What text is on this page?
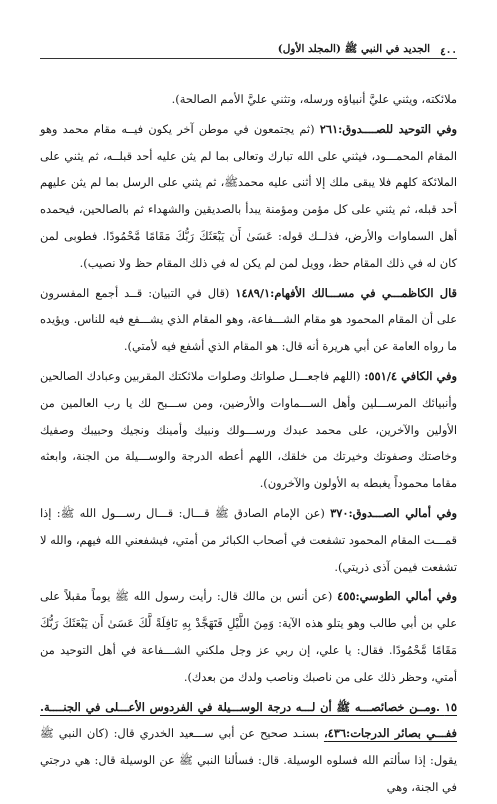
٤٠٠
الجديد في النبي ﷺ (المجلد الأول)

ملائكته، ويثني عليَّ أنبياؤه ورسله، وتثني عليَّ الأمم الصالحة).

وفي التوحيد للصــــدوق:٢٦١ (ثم يجتمعون في موطن آخر يكون فيــه مقام محمد وهو المقام المحمـــود، فيثني على الله تبارك وتعالى بما لم يثن عليه أحد قبلــه، ثم يثني على الملائكة كلهم فلا يبقى ملك إلا أثنى عليه محمدﷺ، ثم يثني على الرسل بما لم يثن عليهم أحد قبله، ثم يثني على كل مؤمن ومؤمنة يبدأ بالصديقين والشهداء ثم بالصالحين، فيحمده أهل السماوات والأرض، فذلــك قوله: عَسَىٰ أَن يَبْعَثَكَ رَبُّكَ مَقَامًا مَّحْمُودًا. فطوبى لمن كان له في ذلك المقام حظ، وويل لمن لم يكن له في ذلك المقام حظ ولا نصيب).

قال الكاظمـــي في مســـالك الأفهام:١٤٨٩/١ (قال في التبيان: قــد أجمع المفسرون على أن المقام المحمود هو مقام الشـــفاعة، وهو المقام الذي يشـــفع فيه للناس. ويؤيده ما رواه العامة عن أبي هريرة أنه قال: هو المقام الذي أشفع فيه لأمتي).

وفي الكافي ٥٥١/٤: (اللهم فاجعـــل صلواتك وصلوات ملائكتك المقربين وعبادك الصالحين وأنبيائك المرســـلين وأهل الســـماوات والأرضين، ومن ســـبح لك يا رب العالمين من الأولين والآخرين، على محمد عبدك ورســـولك ونبيك وأمينك ونجيك وحبيبك وصفيك وخاصتك وصفوتك وخيرتك من خلقك، اللهم أعطه الدرجة والوســـيلة من الجنة، وابعثه مقاما محموداً يغبطه به الأولون والآخرون).

وفي أمالي الصـــدوق:٣٧٠ (عن الإمام الصادق ﷺ قـــال: قـــال رســـول الله ﷺ: إذا قمـــت المقام المحمود تشفعت في أصحاب الكبائر من أمتي، فيشفعني الله فيهم، والله لا تشفعت فيمن آذى ذريتي).

وفي أمالي الطوسي:٤٥٥ (عن أنس بن مالك قال: رأيت رسول الله ﷺ يوماً مقبلاً على علي بن أبي طالب وهو يتلو هذه الآية: وَمِنَ اللَّيْلِ فَتَهَجَّدْ بِهِ نَافِلَةً لَّكَ عَسَىٰ أَن يَبْعَثَكَ رَبُّكَ مَقَامًا مَّحْمُودًا. فقال: يا علي، إن ربي عز وجل ملكني الشـــفاعة في أهل التوحيد من أمتي، وحظر ذلك على من ناصبك وناصب ولدك من بعدك).

١٥ .ومــن خصائصـــه ﷺ أن لـــه درجة الوســـيلة في الفردوس الأعـــلى في الجنــــة. ففـــي بصائر الدرجات:٤٣٦، بسنـد صحيح عن أبي ســـعيد الخدري قال: (كان النبي ﷺ يقول: إذا سألتم الله فسلوه الوسيلة. قال: فسألنا النبي ﷺ عن الوسيلة قال: هي درجتي في الجنة، وهي
